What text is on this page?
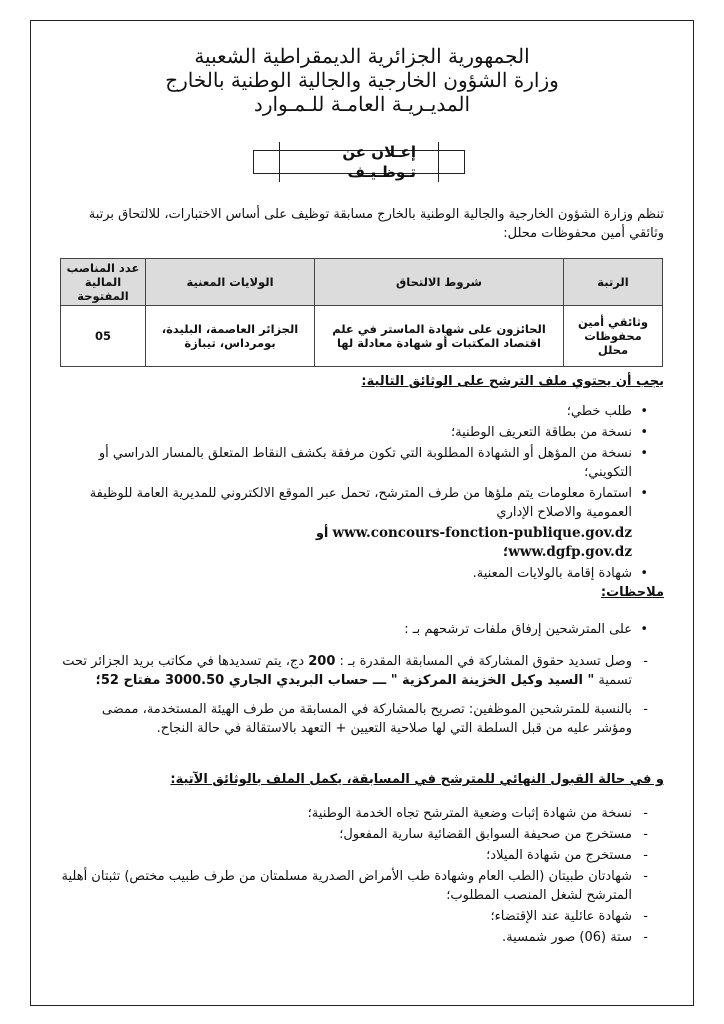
الجمهورية الجزائرية الديمقراطية الشعبية
وزارة الشؤون الخارجية والجالية الوطنية بالخارج
المديـريـة العامـة للـمـوارد
إعـلان عن تـوظـيـف
تنظم وزارة الشؤون الخارجية والجالية الوطنية بالخارج مسابقة توظيف على أساس الاختبارات، للالتحاق برتبة وثائقي أمين محفوظات محلل:
الرتبة	شروط الالتحاق	الولايات المعنية	عدد المناصب المالية المفتوحة
وثائقي أمين محفوظات محلل	الحائزون على شهادة الماستر في علم اقتصاد المكتبات أو شهادة معادلة لها	الجزائر العاصمة، البليدة، بومرداس، تيبازة	05
يجب أن يحتوي ملف الترشح على الوثائق التالية:
•
طلب خطي؛
•
نسخة من بطاقة التعريف الوطنية؛
•
نسخة من المؤهل أو الشهادة المطلوبة التي تكون مرفقة بكشف النقاط المتعلق بالمسار الدراسي أو التكويني؛
•
استمارة معلومات يتم ملؤها من طرف المترشح، تحمل عبر الموقع الالكتروني للمديرية العامة للوظيفة العمومية والاصلاح الإداري
www.concours-fonction-publique.gov.dz أو
www.dgfp.gov.dz؛
•
شهادة إقامة بالولايات المعنية.
ملاحظات:
•
على المترشحين إرفاق ملفات ترشحهم بـ :
-
وصل تسديد حقوق المشاركة في المسابقة المقدرة بـ : 200 دج، يتم تسديدها في مكاتب بريد الجزائر تحت تسمية " السيد وكيل الخزينة المركزية " ـــ حساب البريدي الجاري 3000.50 مفتاح 52؛
-
بالنسبة للمترشحين الموظفين: تصريح بالمشاركة في المسابقة من طرف الهيئة المستخدمة، ممضى ومؤشر عليه من قبل السلطة التي لها صلاحية التعيين + التعهد بالاستقالة في حالة النجاح.
و في حالة القبول النهائي للمترشح في المسابقة، يكمل الملف بالوثائق الآتية:
-
نسخة من شهادة إثبات وضعية المترشح تجاه الخدمة الوطنية؛
-
مستخرج من صحيفة السوابق القضائية سارية المفعول؛
-
مستخرج من شهادة الميلاد؛
-
شهادتان طبيتان (الطب العام وشهادة طب الأمراض الصدرية مسلمتان من طرف طبيب مختص) تثبتان أهلية المترشح لشغل المنصب المطلوب؛
-
شهادة عائلية عند الإقتضاء؛
-
ستة (06) صور شمسية.
